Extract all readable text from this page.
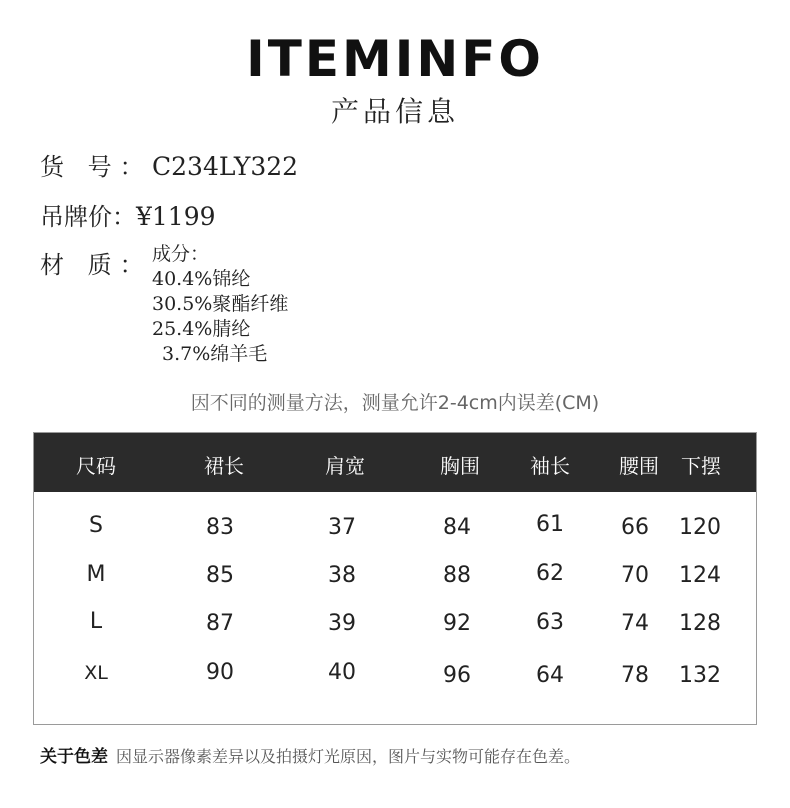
ITEMINFO
产品信息
货 号：C234LY322
吊牌价：¥1199
材 质： 成分：
40.4%锦纶
30.5%聚酯纤维
25.4%腈纶
3.7%绵羊毛
因不同的测量方法，测量允许2-4cm内误差(CM)
尺码	裙长	肩宽	胸围	袖长	腰围	下摆
S	83	37	84	61	66	120
M	85	38	88	62	70	124
L	87	39	92	63	74	128
XL	90	40	96	64	78	132
关于色差 因显示器像素差异以及拍摄灯光原因，图片与实物可能存在色差。
